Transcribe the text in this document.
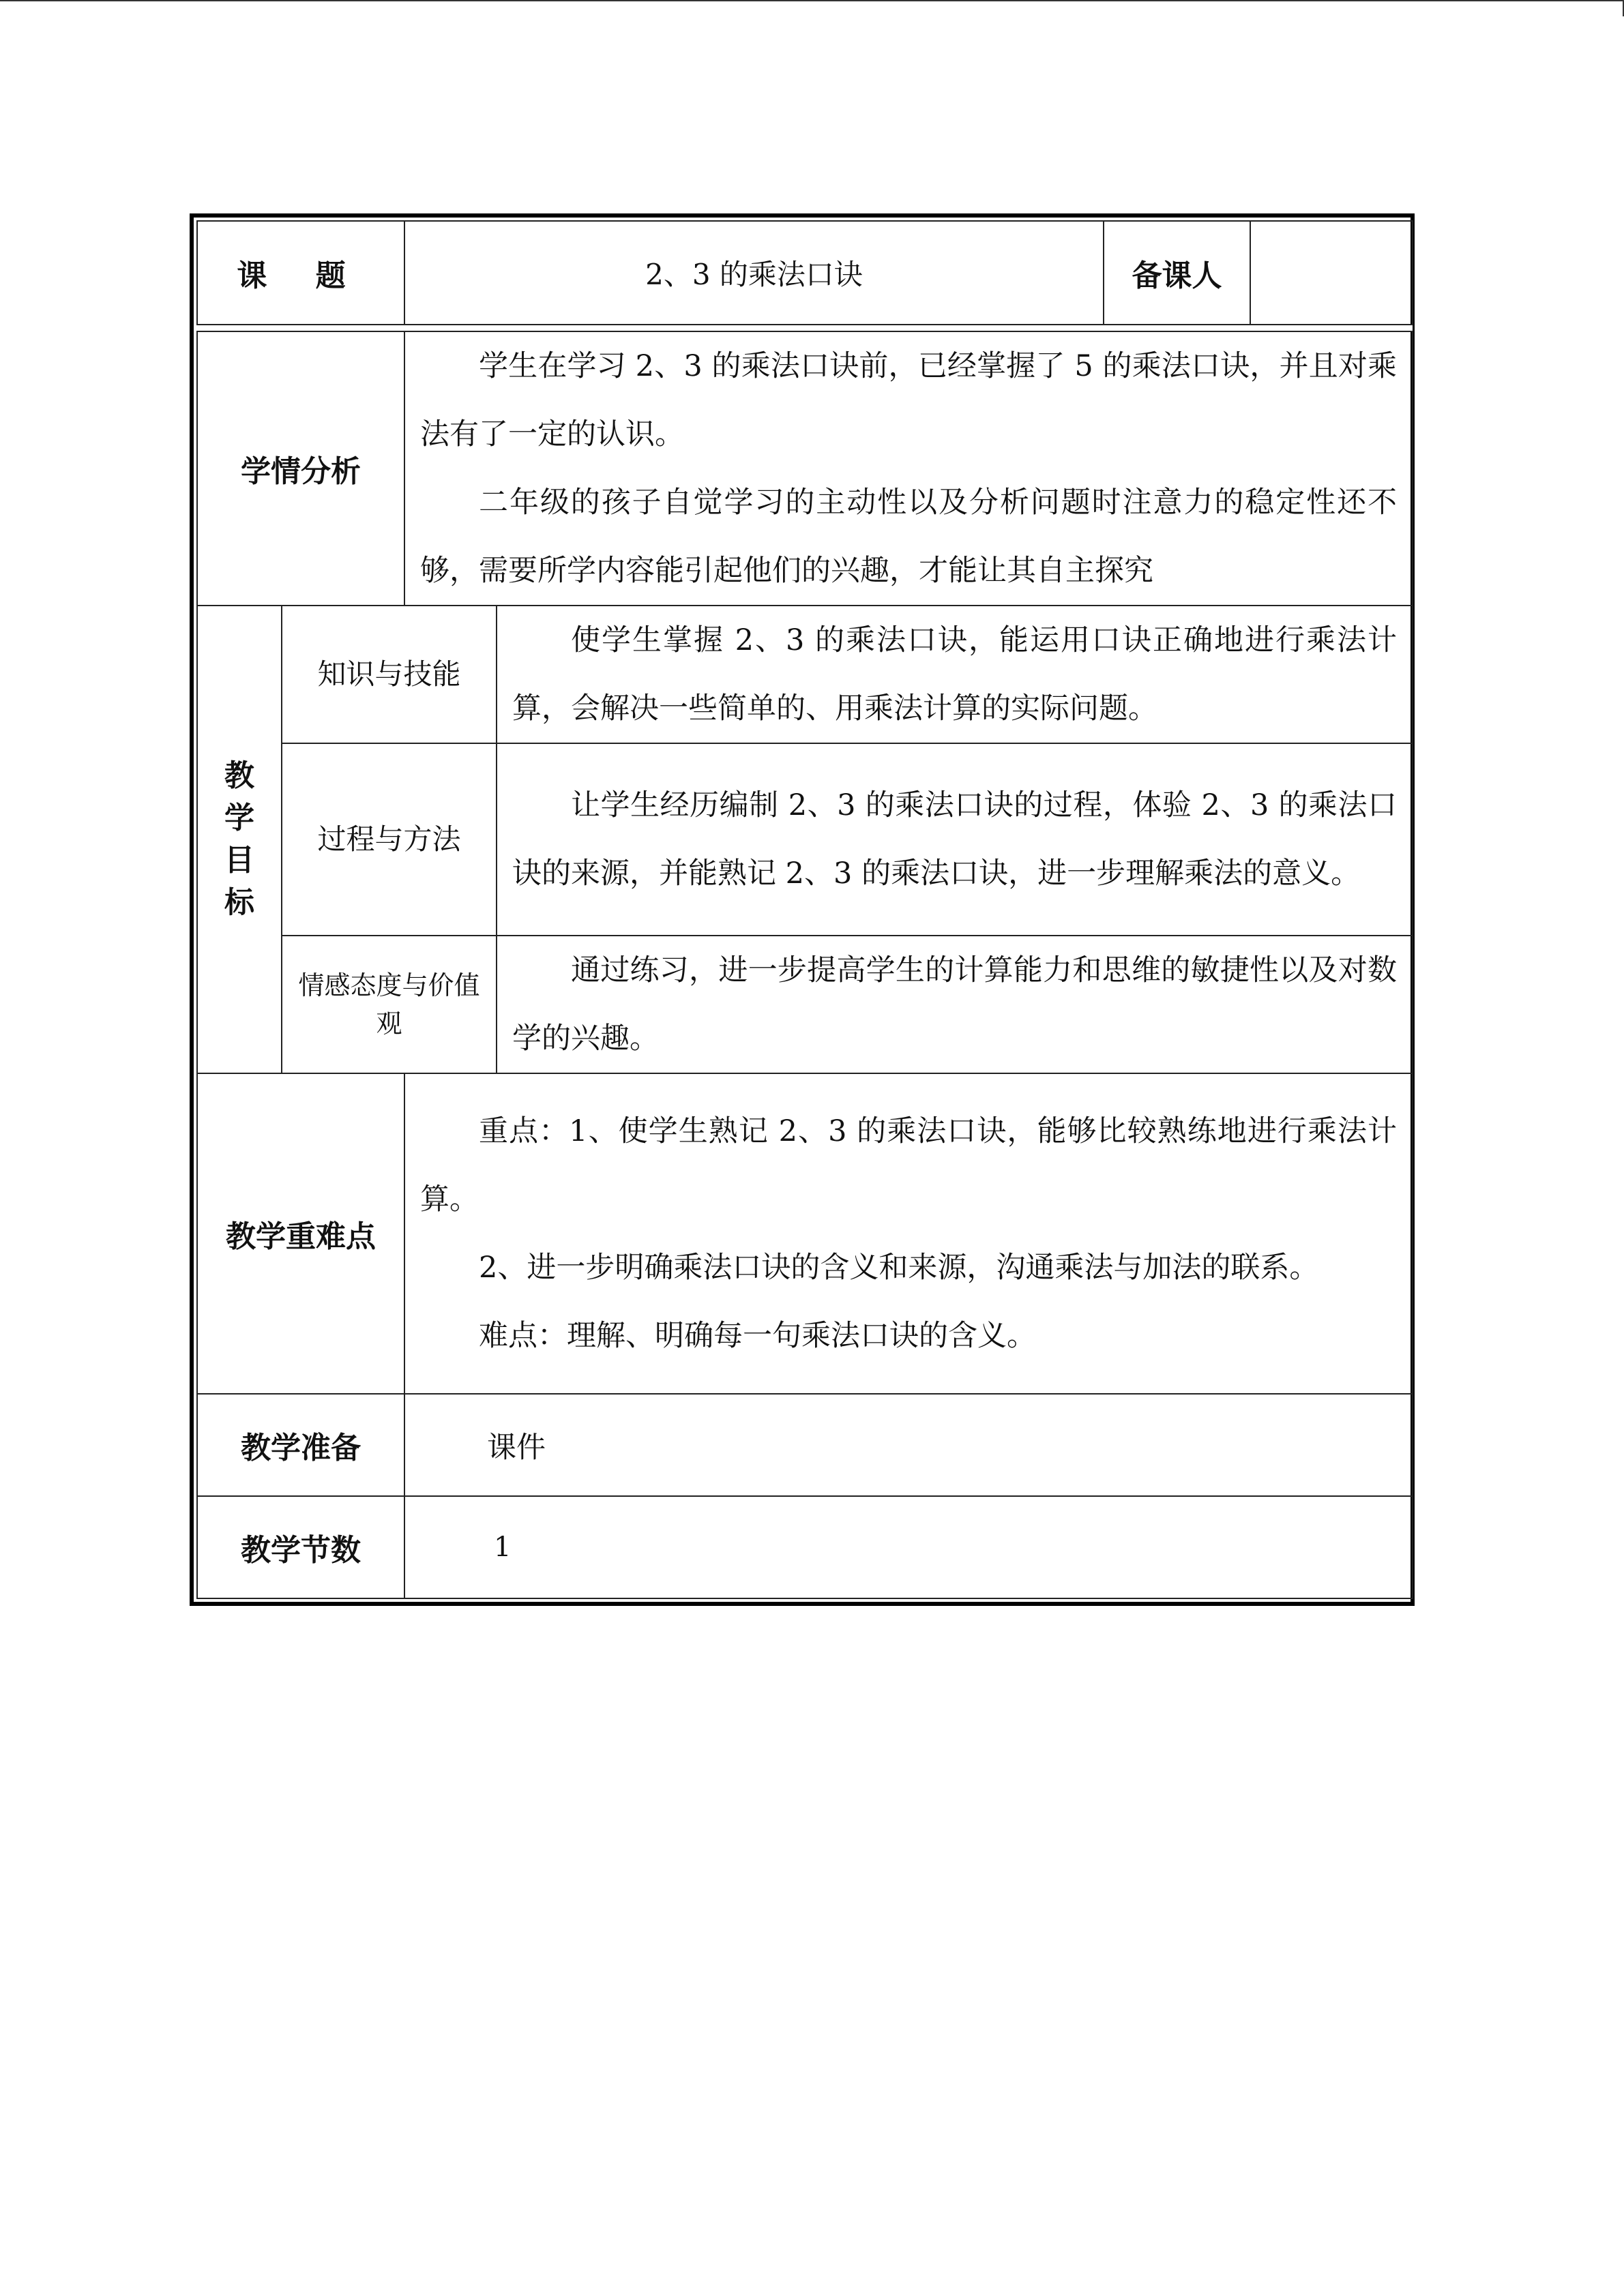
课 题		2、3 的乘法口诀		备课人	

学情分析		学生在学习 2、3 的乘法口诀前，已经掌握了 5 的乘法口诀，并且对乘法有了一定的认识。

二年级的孩子自觉学习的主动性以及分析问题时注意力的稳定性还不够，需要所学内容能引起他们的兴趣，才能让其自主探究			

教
学
目
标	知识与技能		使学生掌握 2、3 的乘法口诀，能运用口诀正确地进行乘法计算，会解决一些简单的、用乘法计算的实际问题。		

	过程与方法		让学生经历编制 2、3 的乘法口诀的过程，体验 2、3 的乘法口诀的来源，并能熟记 2、3 的乘法口诀，进一步理解乘法的意义。		

	情感态度与价值观		通过练习，进一步提高学生的计算能力和思维的敏捷性以及对数学的兴趣。		

教学重难点		重点：1、使学生熟记 2、3 的乘法口诀，能够比较熟练地进行乘法计算。

2、进一步明确乘法口诀的含义和来源，沟通乘法与加法的联系。

难点：理解、明确每一句乘法口诀的含义。			

教学准备		课件			
教学节数		1			
